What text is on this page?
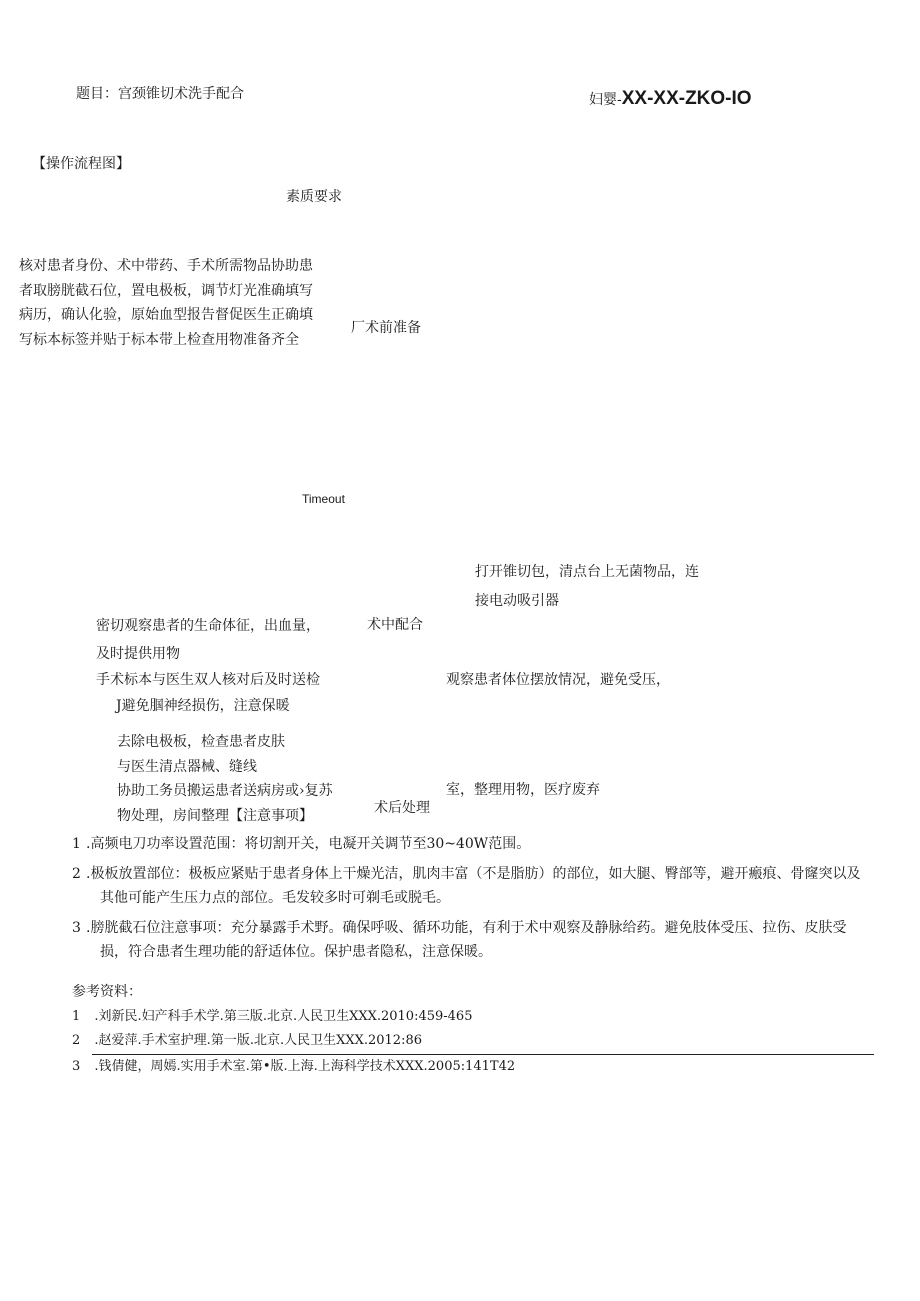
题目：宫颈锥切术洗手配合	妇婴-XX-XX-ZKO-IO
【操作流程图】
素质要求
核对患者身份、术中带药、手术所需物品协助患
者取膀胱截石位，置电极板，调节灯光准确填写
病历，确认化验，原始血型报告督促医生正确填
写标本标签并贴于标本带上检查用物准备齐全
厂术前准备
Timeout
打开锥切包，清点台上无菌物品，连
接电动吸引器
密切观察患者的生命体征，出血量，
及时提供用物
术中配合
手术标本与医生双人核对后及时送检	观察患者体位摆放情况，避免受压，
J避免腘神经损伤，注意保暖
去除电极板，检查患者皮肤
与医生清点器械、缝线
协助工务员搬运患者送病房或›复苏
物处理，房间整理【注意事项】
室，整理用物，医疗废弃
术后处理
1 .高频电刀功率设置范围：将切割开关，电凝开关调节至30~40W范围。
2 .极板放置部位：极板应紧贴于患者身体上干燥光洁，肌肉丰富（不是脂肪）的部位，如大腿、臀部等，避开瘢痕、骨窿突以及其他可能产生压力点的部位。毛发较多时可剃毛或脱毛。
3 .膀胱截石位注意事项：充分暴露手术野。确保呼吸、循环功能，有利于术中观察及静脉给药。避免肢体受压、拉伤、皮肤受损，符合患者生理功能的舒适体位。保护患者隐私，注意保暖。
参考资料：
1 .刘新民.妇产科手术学.第三版.北京.人民卫生XXX.2010:459-465
2 .赵爱萍.手术室护理.第一版.北京.人民卫生XXX.2012:86
3 .钱倩健，周嫣.实用手术室.第•版.上海.上海科学技术XXX.2005:141T42
